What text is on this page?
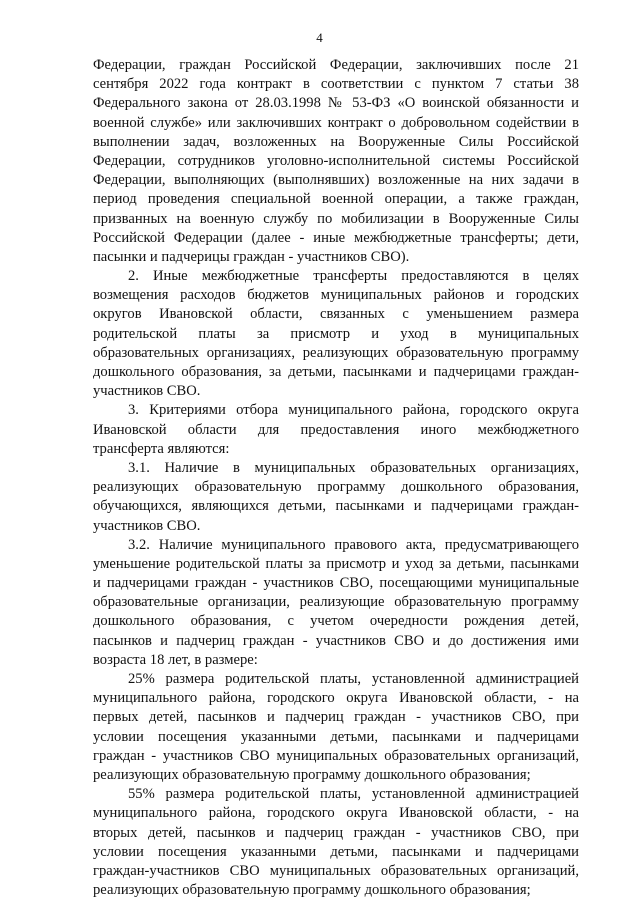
4
Федерации, граждан Российской Федерации, заключивших после 21
сентября 2022 года контракт в соответствии с пунктом 7 статьи 38
Федерального закона от 28.03.1998 № 53-ФЗ «О воинской обязанности и
военной службе» или заключивших контракт о добровольном содействии в
выполнении задач, возложенных на Вооруженные Силы Российской
Федерации, сотрудников уголовно-исполнительной системы Российской
Федерации, выполняющих (выполнявших) возложенные на них задачи в
период проведения специальной военной операции, а также граждан,
призванных на военную службу по мобилизации в Вооруженные Силы
Российской Федерации (далее - иные межбюджетные трансферты; дети,
пасынки и падчерицы граждан - участников СВО).
2. Иные межбюджетные трансферты предоставляются в целях
возмещения расходов бюджетов муниципальных районов и городских
округов Ивановской области, связанных с уменьшением размера
родительской платы за присмотр и уход в муниципальных
образовательных организациях, реализующих образовательную программу
дошкольного образования, за детьми, пасынками и падчерицами граждан-
участников СВО.
3. Критериями отбора муниципального района, городского округа
Ивановской области для предоставления иного межбюджетного
трансферта являются:
3.1. Наличие в муниципальных образовательных организациях,
реализующих образовательную программу дошкольного образования,
обучающихся, являющихся детьми, пасынками и падчерицами граждан-
участников СВО.
3.2. Наличие муниципального правового акта, предусматривающего
уменьшение родительской платы за присмотр и уход за детьми, пасынками
и падчерицами граждан - участников СВО, посещающими муниципальные
образовательные организации, реализующие образовательную программу
дошкольного образования, с учетом очередности рождения детей,
пасынков и падчериц граждан - участников СВО и до достижения ими
возраста 18 лет, в размере:
25% размера родительской платы, установленной администрацией
муниципального района, городского округа Ивановской области, - на
первых детей, пасынков и падчериц граждан - участников СВО, при
условии посещения указанными детьми, пасынками и падчерицами
граждан - участников СВО муниципальных образовательных организаций,
реализующих образовательную программу дошкольного образования;
55% размера родительской платы, установленной администрацией
муниципального района, городского округа Ивановской области, - на
вторых детей, пасынков и падчериц граждан - участников СВО, при
условии посещения указанными детьми, пасынками и падчерицами
граждан-участников СВО муниципальных образовательных организаций,
реализующих образовательную программу дошкольного образования;
